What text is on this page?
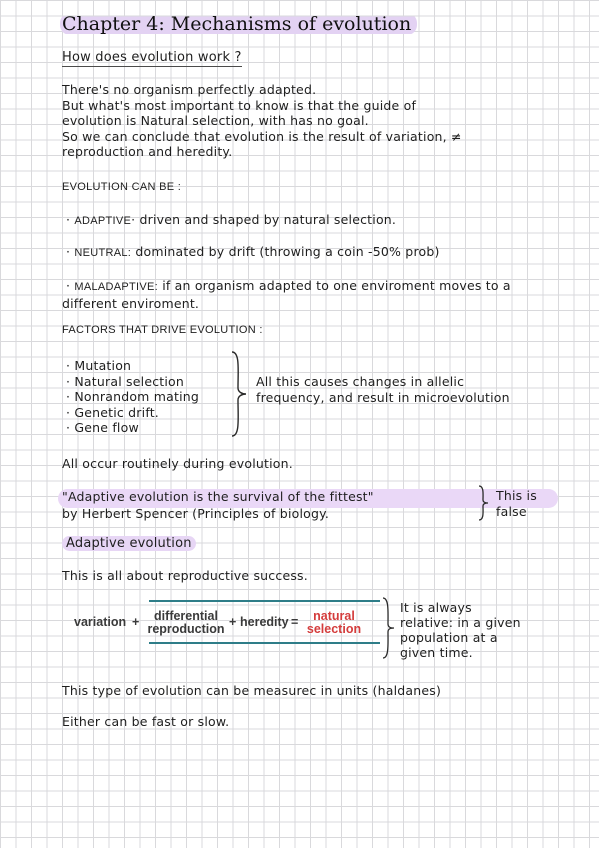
Chapter 4: Mechanisms of evolution
How does evolution work ?
There's no organism perfectly adapted.
But what's most important to know is that the guide of
evolution is Natural selection, with has no goal.
So we can conclude that evolution is the result of variation, ≠
reproduction and heredity.
EVOLUTION CAN BE :
· ADAPTIVE· driven and shaped by natural selection.
· NEUTRAL: dominated by drift (throwing a coin -50% prob)
· MALADAPTIVE: if an organism adapted to one enviroment moves to a
different enviroment.
FACTORS THAT DRIVE EVOLUTION :
· Mutation
· Natural selection
· Nonrandom mating
· Genetic drift.
· Gene flow
All this causes changes in allelic
frequency, and result in microevolution
All occur routinely during evolution.
"Adaptive evolution is the survival of the fittest"
by Herbert Spencer (Principles of biology.
This is
false
Adaptive evolution
This is all about reproductive success.
variation +	differential
reproduction
+ heredity =	natural
selection
It is always
relative: in a given
population at a
given time.
This type of evolution can be measurec in units (haldanes)
Either can be fast or slow.
